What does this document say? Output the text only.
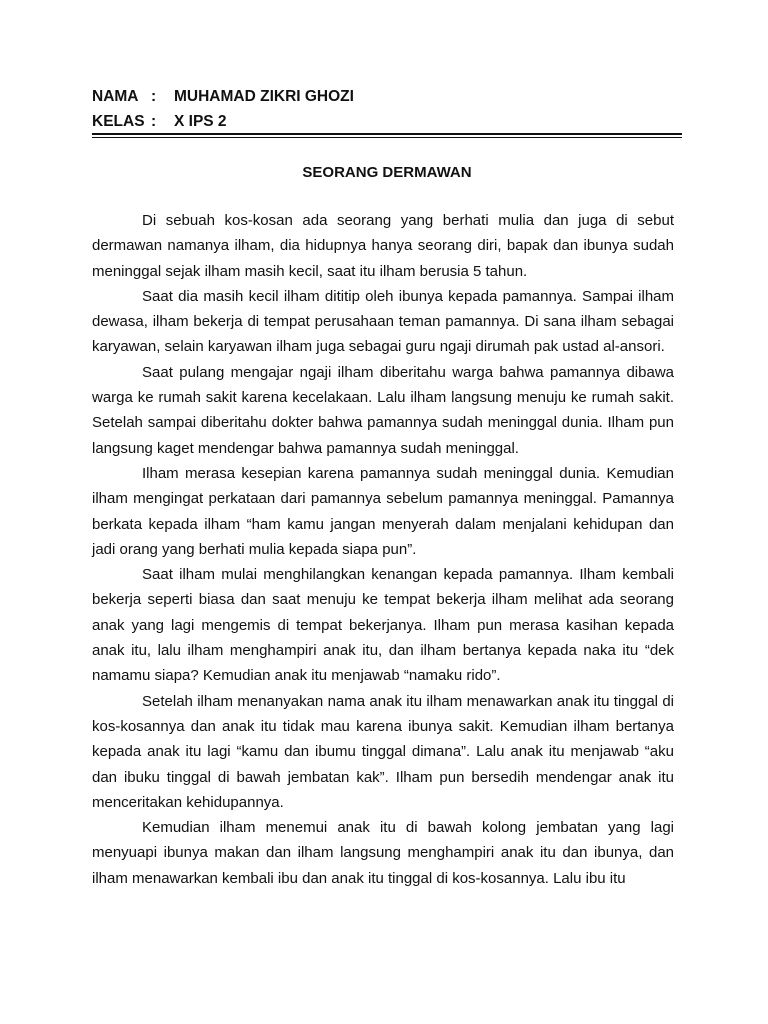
NAMA : MUHAMAD ZIKRI GHOZI
KELAS : X IPS 2
SEORANG DERMAWAN

Di sebuah kos-kosan ada seorang yang berhati mulia dan juga di sebut dermawan namanya ilham, dia hidupnya hanya seorang diri, bapak dan ibunya sudah meninggal sejak ilham masih kecil, saat itu ilham berusia 5 tahun.

Saat dia masih kecil ilham dititip oleh ibunya kepada pamannya. Sampai ilham dewasa, ilham bekerja di tempat perusahaan teman pamannya. Di sana ilham sebagai karyawan, selain karyawan ilham juga sebagai guru ngaji dirumah pak ustad al-ansori.

Saat pulang mengajar ngaji ilham diberitahu warga bahwa pamannya dibawa warga ke rumah sakit karena kecelakaan. Lalu ilham langsung menuju ke rumah sakit. Setelah sampai diberitahu dokter bahwa pamannya sudah meninggal dunia. Ilham pun langsung kaget mendengar bahwa pamannya sudah meninggal.

Ilham merasa kesepian karena pamannya sudah meninggal dunia. Kemudian ilham mengingat perkataan dari pamannya sebelum pamannya meninggal. Pamannya berkata kepada ilham “ham kamu jangan menyerah dalam menjalani kehidupan dan jadi orang yang berhati mulia kepada siapa pun”.

Saat ilham mulai menghilangkan kenangan kepada pamannya. Ilham kembali bekerja seperti biasa dan saat menuju ke tempat bekerja ilham melihat ada seorang anak yang lagi mengemis di tempat bekerjanya. Ilham pun merasa kasihan kepada anak itu, lalu ilham menghampiri anak itu, dan ilham bertanya kepada naka itu “dek namamu siapa? Kemudian anak itu menjawab “namaku rido”.

Setelah ilham menanyakan nama anak itu ilham menawarkan anak itu tinggal di kos-kosannya dan anak itu tidak mau karena ibunya sakit. Kemudian ilham bertanya kepada anak itu lagi “kamu dan ibumu tinggal dimana”. Lalu anak itu menjawab “aku dan ibuku tinggal di bawah jembatan kak”. Ilham pun bersedih mendengar anak itu menceritakan kehidupannya.

Kemudian ilham menemui anak itu di bawah kolong jembatan yang lagi menyuapi ibunya makan dan ilham langsung menghampiri anak itu dan ibunya, dan ilham menawarkan kembali ibu dan anak itu tinggal di kos-kosannya. Lalu ibu itu
